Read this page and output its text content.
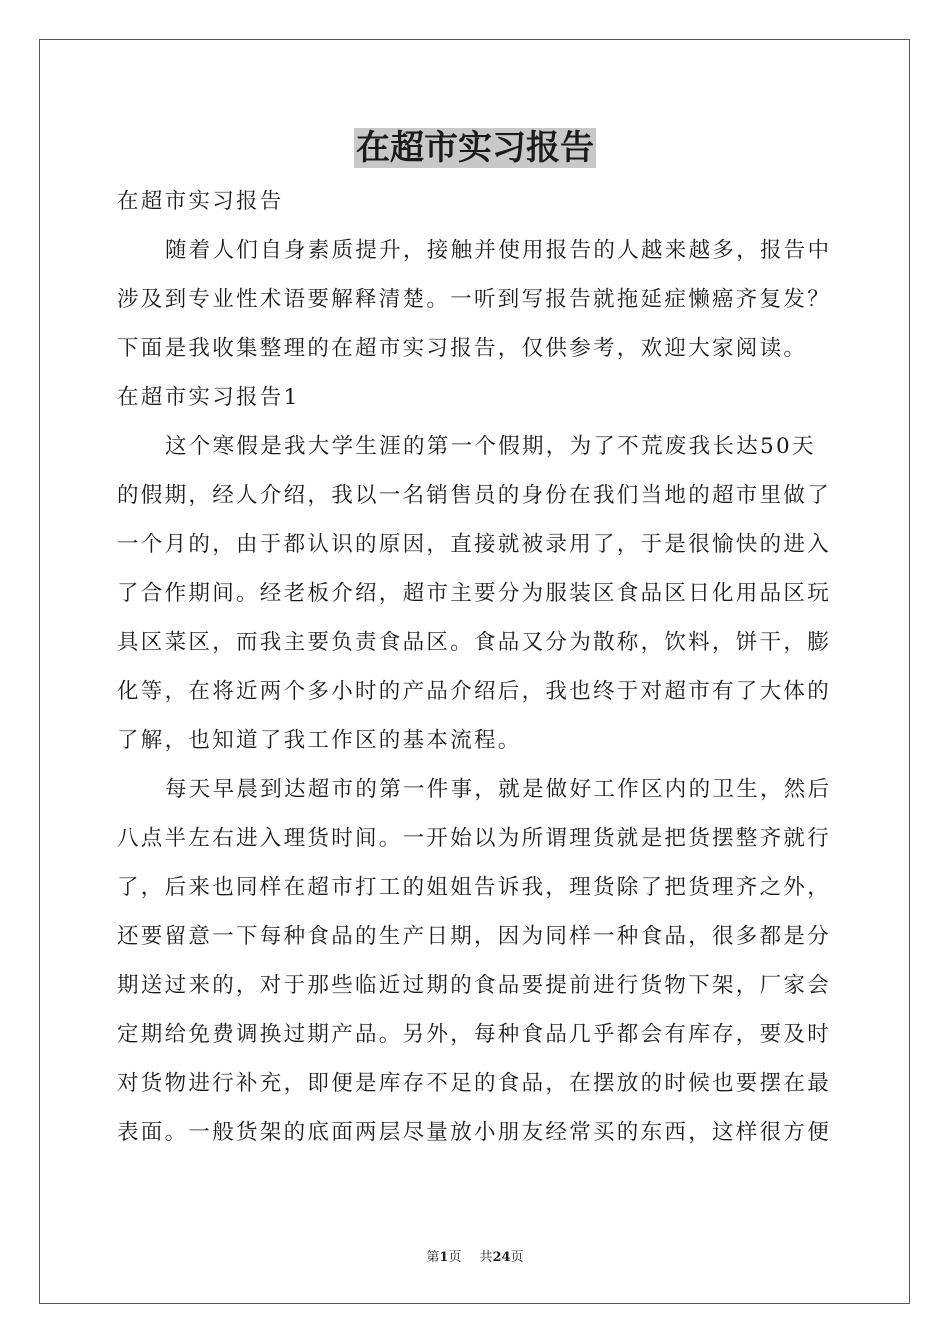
在超市实习报告

在超市实习报告

随着人们自身素质提升，接触并使用报告的人越来越多，报告中

涉及到专业性术语要解释清楚。一听到写报告就拖延症懒癌齐复发？

下面是我收集整理的在超市实习报告，仅供参考，欢迎大家阅读。

在超市实习报告1

这个寒假是我大学生涯的第一个假期，为了不荒废我长达50天

的假期，经人介绍，我以一名销售员的身份在我们当地的超市里做了

一个月的，由于都认识的原因，直接就被录用了，于是很愉快的进入

了合作期间。经老板介绍，超市主要分为服装区食品区日化用品区玩

具区菜区，而我主要负责食品区。食品又分为散称，饮料，饼干，膨

化等，在将近两个多小时的产品介绍后，我也终于对超市有了大体的

了解，也知道了我工作区的基本流程。

每天早晨到达超市的第一件事，就是做好工作区内的卫生，然后

八点半左右进入理货时间。一开始以为所谓理货就是把货摆整齐就行

了，后来也同样在超市打工的姐姐告诉我，理货除了把货理齐之外，

还要留意一下每种食品的生产日期，因为同样一种食品，很多都是分

期送过来的，对于那些临近过期的食品要提前进行货物下架，厂家会

定期给免费调换过期产品。另外，每种食品几乎都会有库存，要及时

对货物进行补充，即便是库存不足的食品，在摆放的时候也要摆在最

表面。一般货架的底面两层尽量放小朋友经常买的东西，这样很方便

第1页 共24页
